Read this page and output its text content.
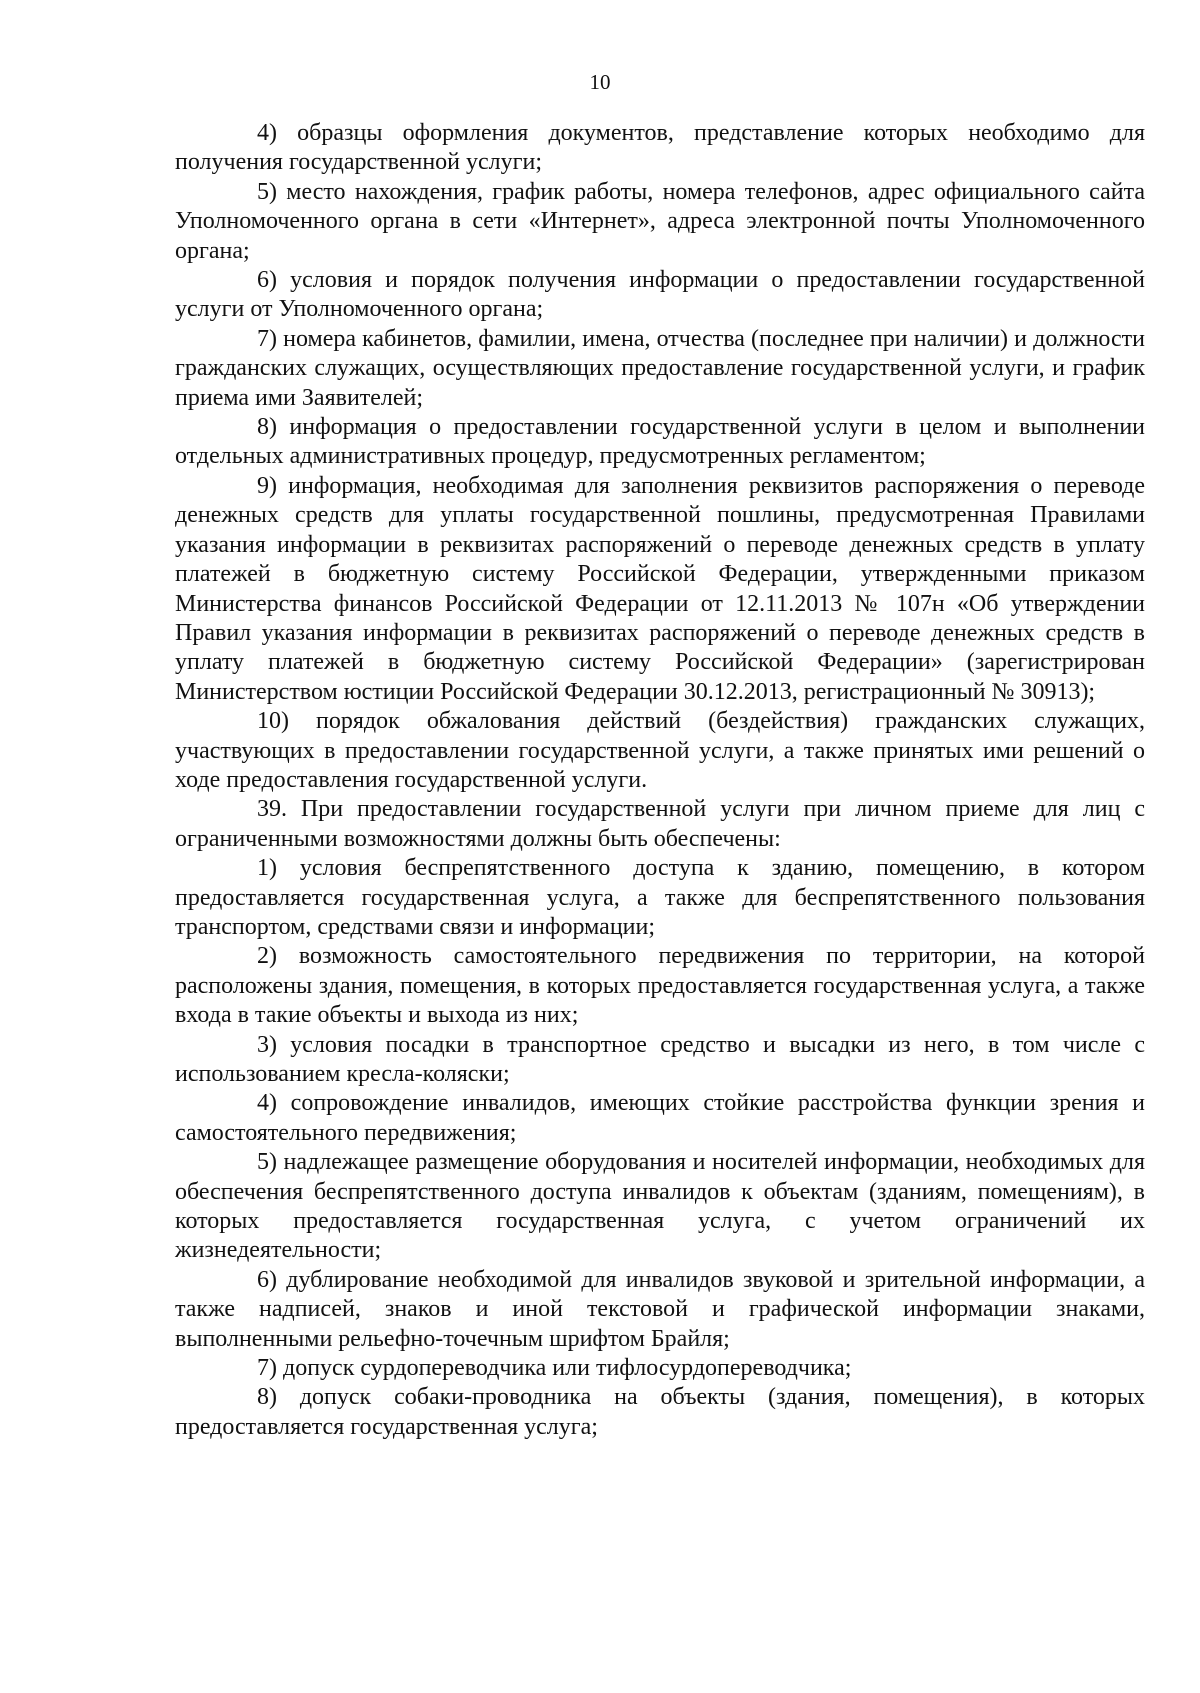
10

4) образцы оформления документов, представление которых необходимо для получения государственной услуги;

5) место нахождения, график работы, номера телефонов, адрес официального сайта Уполномоченного органа в сети «Интернет», адреса электронной почты Уполномоченного органа;

6) условия и порядок получения информации о предоставлении государственной услуги от Уполномоченного органа;

7) номера кабинетов, фамилии, имена, отчества (последнее при наличии) и должности гражданских служащих, осуществляющих предоставление государственной услуги, и график приема ими Заявителей;

8) информация о предоставлении государственной услуги в целом и выполнении отдельных административных процедур, предусмотренных регламентом;

9) информация, необходимая для заполнения реквизитов распоряжения о переводе денежных средств для уплаты государственной пошлины, предусмотренная Правилами указания информации в реквизитах распоряжений о переводе денежных средств в уплату платежей в бюджетную систему Российской Федерации, утвержденными приказом Министерства финансов Российской Федерации от 12.11.2013 № 107н «Об утверждении Правил указания информации в реквизитах распоряжений о переводе денежных средств в уплату платежей в бюджетную систему Российской Федерации» (зарегистрирован Министерством юстиции Российской Федерации 30.12.2013, регистрационный № 30913);

10) порядок обжалования действий (бездействия) гражданских служащих, участвующих в предоставлении государственной услуги, а также принятых ими решений о ходе предоставления государственной услуги.

39. При предоставлении государственной услуги при личном приеме для лиц с ограниченными возможностями должны быть обеспечены:

1) условия беспрепятственного доступа к зданию, помещению, в котором предоставляется государственная услуга, а также для беспрепятственного пользования транспортом, средствами связи и информации;

2) возможность самостоятельного передвижения по территории, на которой расположены здания, помещения, в которых предоставляется государственная услуга, а также входа в такие объекты и выхода из них;

3) условия посадки в транспортное средство и высадки из него, в том числе с использованием кресла-коляски;

4) сопровождение инвалидов, имеющих стойкие расстройства функции зрения и самостоятельного передвижения;

5) надлежащее размещение оборудования и носителей информации, необходимых для обеспечения беспрепятственного доступа инвалидов к объектам (зданиям, помещениям), в которых предоставляется государственная услуга, с учетом ограничений их жизнедеятельности;

6) дублирование необходимой для инвалидов звуковой и зрительной информации, а также надписей, знаков и иной текстовой и графической информации знаками, выполненными рельефно-точечным шрифтом Брайля;

7) допуск сурдопереводчика или тифлосурдопереводчика;

8) допуск собаки-проводника на объекты (здания, помещения), в которых предоставляется государственная услуга;
